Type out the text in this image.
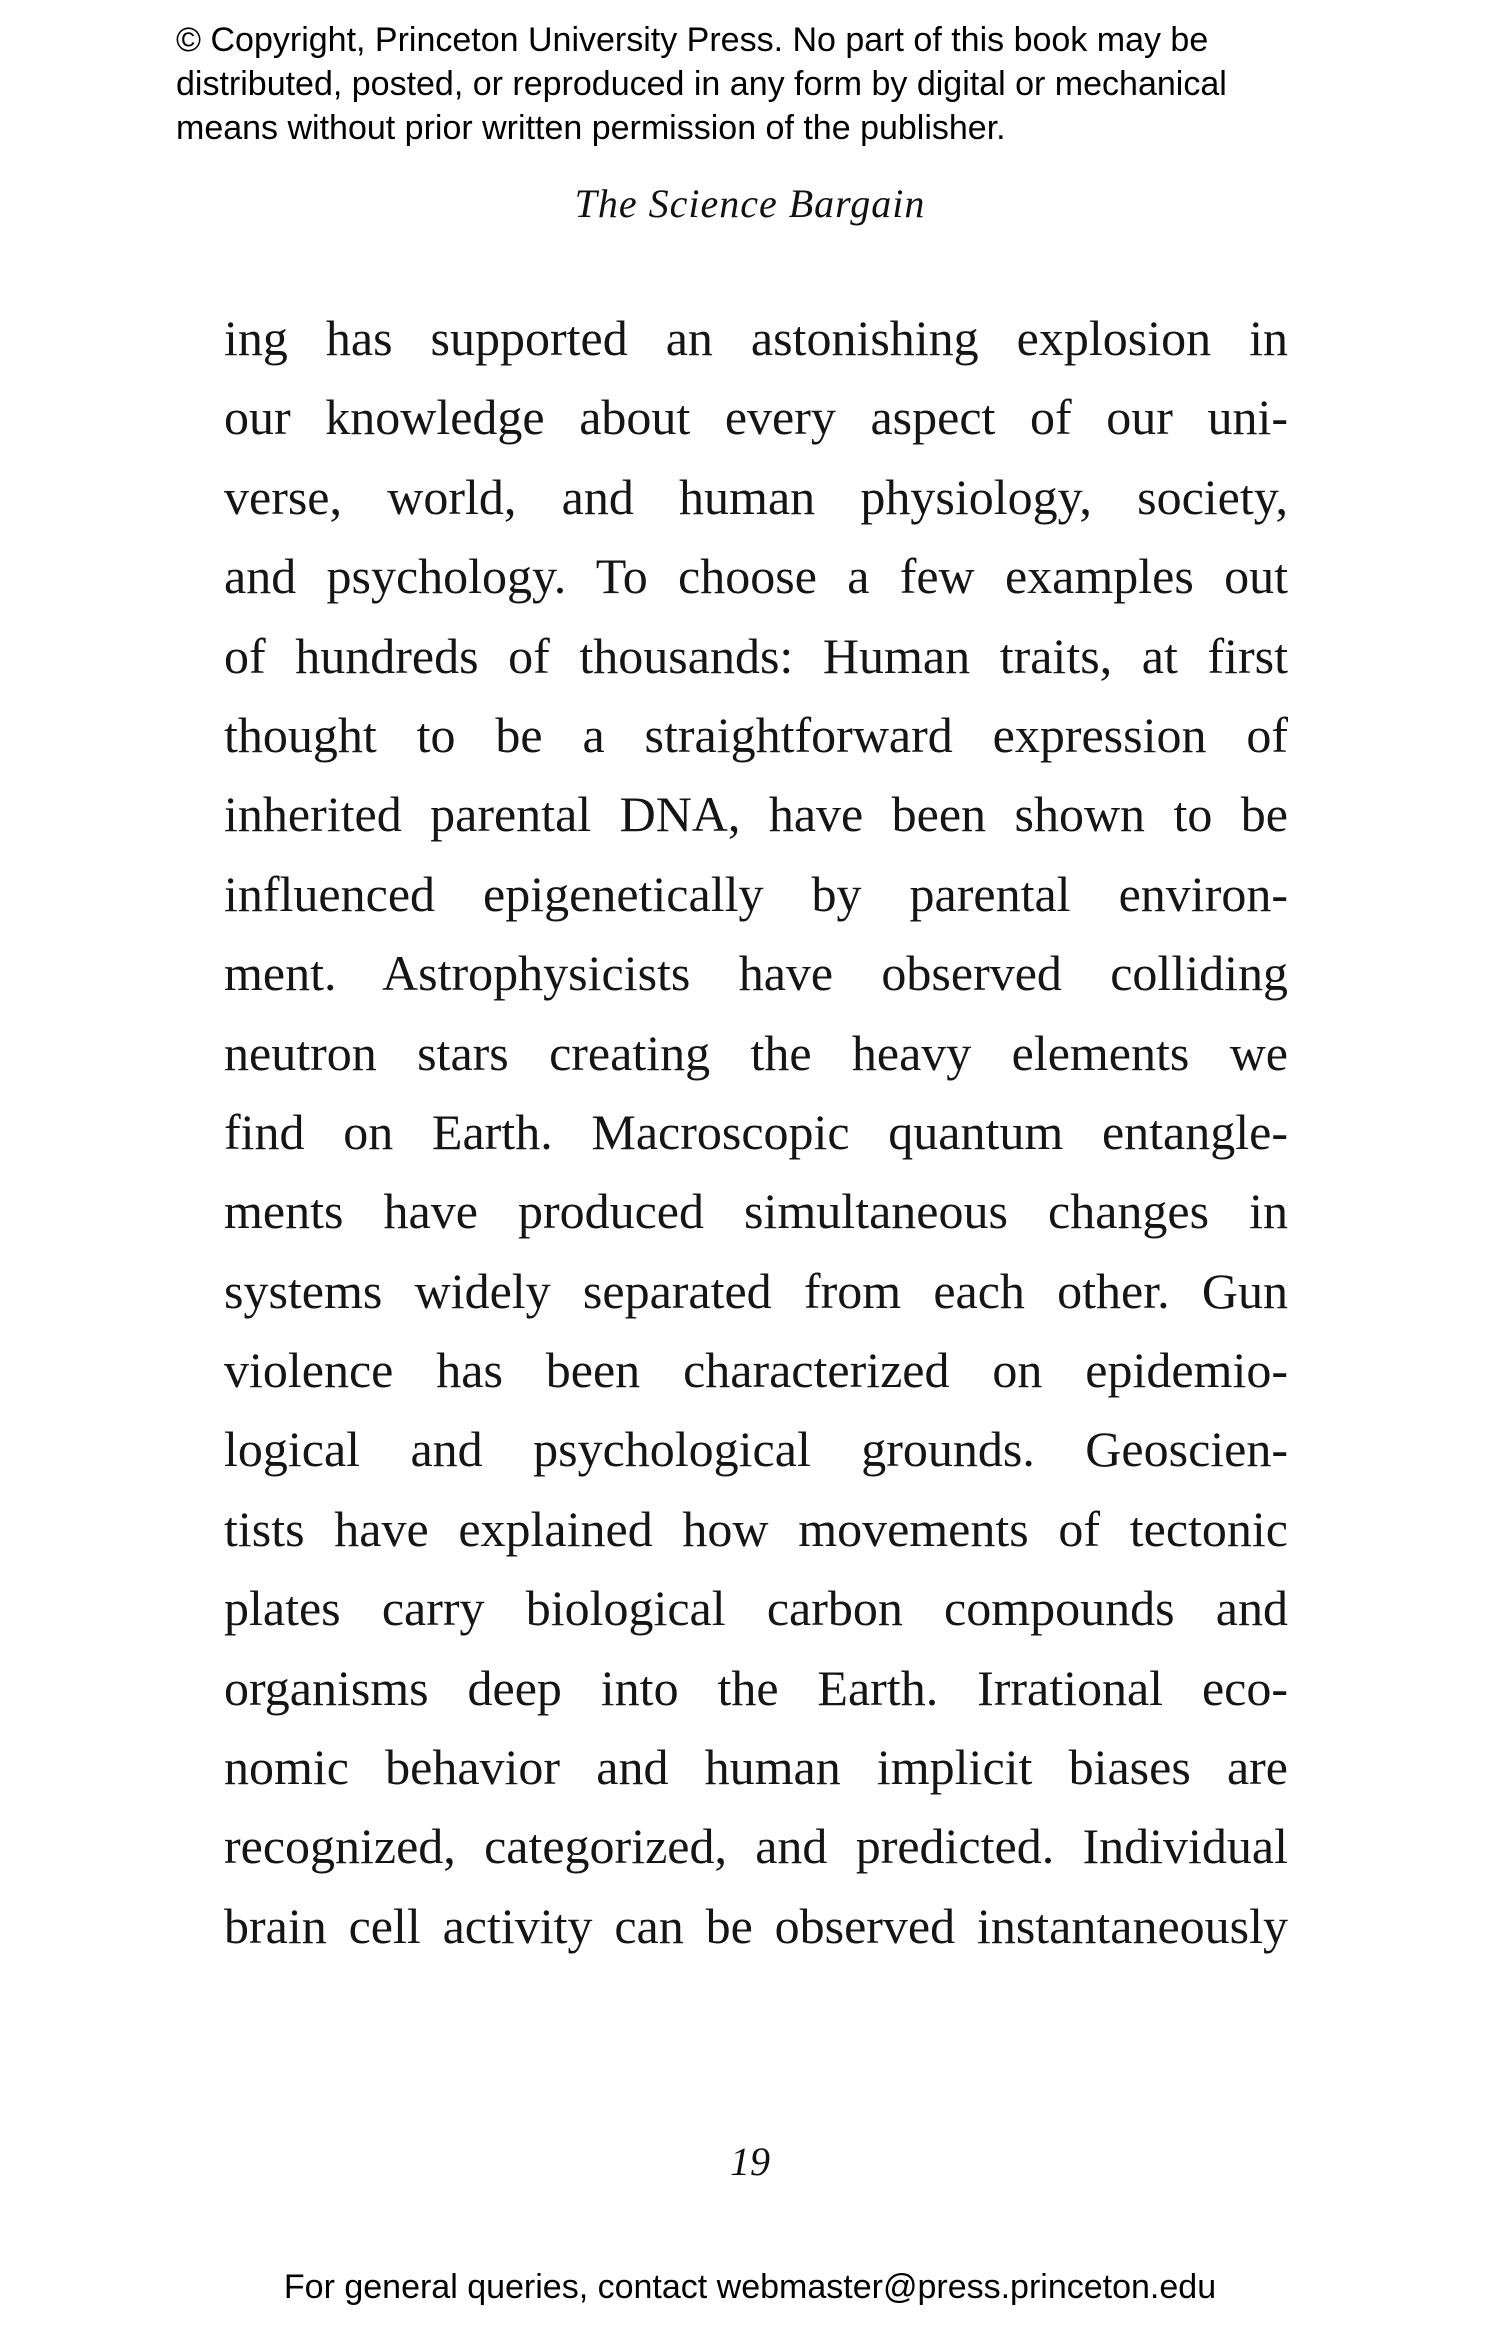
© Copyright, Princeton University Press. No part of this book may be
distributed, posted, or reproduced in any form by digital or mechanical
means without prior written permission of the publisher.
The Science Bargain
ing has supported an astonishing explosion in
our knowledge about every aspect of our uni-
verse, world, and human physiology, society,
and psychology. To choose a few examples out
of hundreds of thousands: Human traits, at first
thought to be a straightforward expression of
inherited parental DNA, have been shown to be
influenced epigenetically by parental environ-
ment. Astrophysicists have observed colliding
neutron stars creating the heavy elements we
find on Earth. Macroscopic quantum entangle-
ments have produced simultaneous changes in
systems widely separated from each other. Gun
violence has been characterized on epidemio-
logical and psychological grounds. Geoscien-
tists have explained how movements of tectonic
plates carry biological carbon compounds and
organisms deep into the Earth. Irrational eco-
nomic behavior and human implicit biases are
recognized, categorized, and predicted. Individual
brain cell activity can be observed instantaneously
19
For general queries, contact webmaster@press.princeton.edu
